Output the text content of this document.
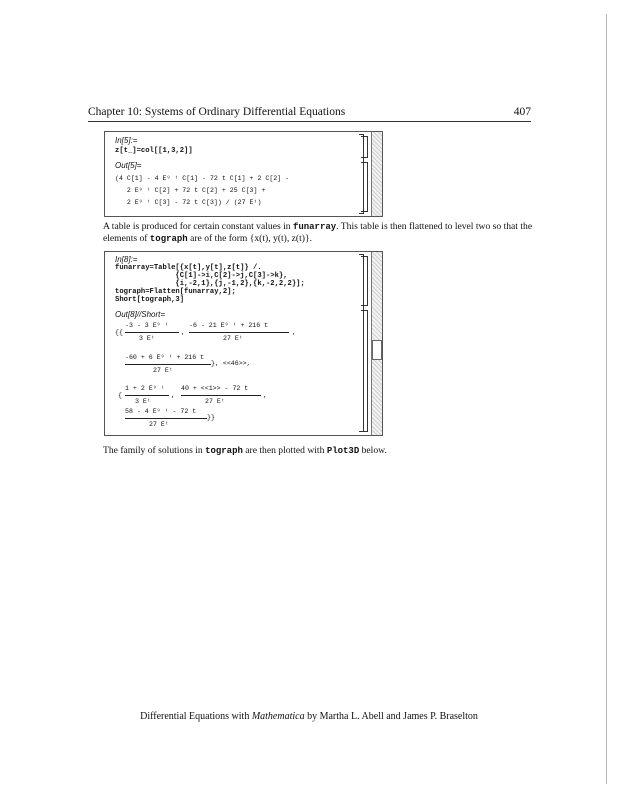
Chapter 10: Systems of Ordinary Differential Equations	407
In[5]:=
z[t_]=col[[1,3,2]]
Out[5]=
(4 C[1] - 4 E⁹ ᵗ C[1] - 72 t C[1] + 2 C[2] -
2 E⁹ ᵗ C[2] + 72 t C[2] + 25 C[3] +
2 E⁹ ᵗ C[3] - 72 t C[3]) / (27 Eᵗ)
A table is produced for certain constant values in funarray. This table is then flattened to level two so that the elements of tograph are of the form {x(t), y(t), z(t)}.
In[8]:=
funarray=Table[{x[t],y[t],z[t]} /.
{C[1]->i,C[2]->j,C[3]->k},
{i,-2,1},{j,-1,2},{k,-2,2,2}];
tograph=Flatten[funarray,2];
Short[tograph,3]
Out[8]//Short=
{{
-3 - 3 E⁹ ᵗ
3 Eᵗ
,
-6 - 21 E⁹ ᵗ + 216 t
27 Eᵗ
,
-60 + 6 E⁹ ᵗ + 216 t
27 Eᵗ
}, <<46>>,
{
1 + 2 E⁹ ᵗ
3 Eᵗ
,
40 + <<1>> - 72 t
27 Eᵗ
,
58 - 4 E⁹ ᵗ - 72 t
27 Eᵗ
}}
The family of solutions in tograph are then plotted with Plot3D below.
Differential Equations with Mathematica by Martha L. Abell and James P. Braselton
